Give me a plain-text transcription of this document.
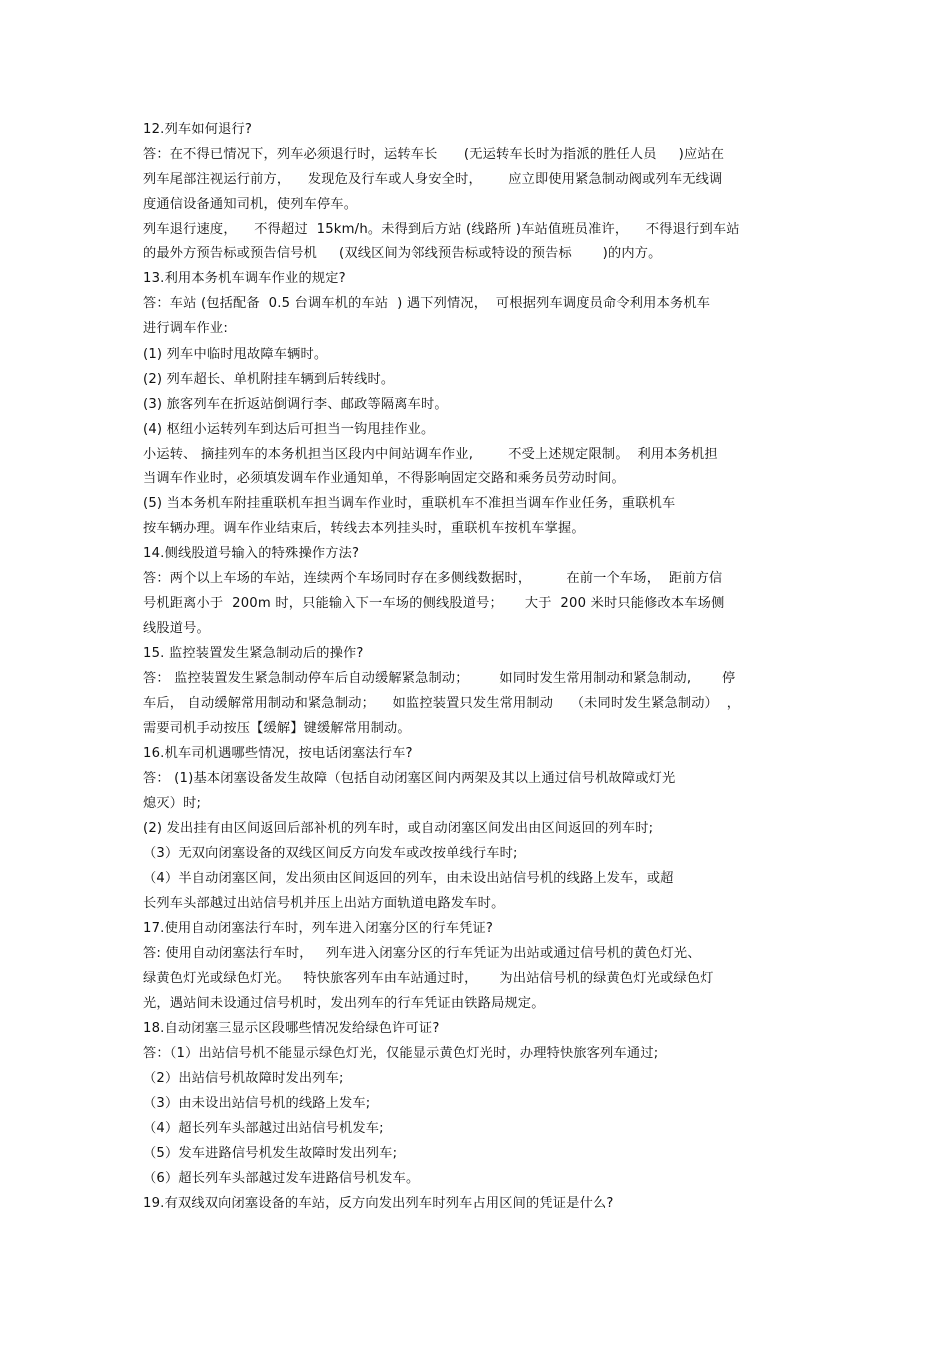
12.列车如何退行?
答：在不得已情况下，列车必须退行时，运转车长      (无运转车长时为指派的胜任人员     )应站在
列车尾部注视运行前方，    发现危及行车或人身安全时，      应立即使用紧急制动阀或列车无线调
度通信设备通知司机，使列车停车。
列车退行速度，    不得超过  15km/h。未得到后方站 (线路所 )车站值班员准许，    不得退行到车站
的最外方预告标或预告信号机     (双线区间为邻线预告标或特设的预告标       )的内方。
13.利用本务机车调车作业的规定?
答：车站 (包括配备  0.5 台调车机的车站  ) 遇下列情况，  可根据列车调度员命令利用本务机车
进行调车作业:
(1) 列车中临时甩故障车辆时。
(2) 列车超长、单机附挂车辆到后转线时。
(3) 旅客列车在折返站倒调行李、邮政等隔离车时。
(4) 枢纽小运转列车到达后可担当一钩甩挂作业。
小运转、 摘挂列车的本务机担当区段内中间站调车作业,        不受上述规定限制。  利用本务机担
当调车作业时，必须填发调车作业通知单，不得影响固定交路和乘务员劳动时间。
(5) 当本务机车附挂重联机车担当调车作业时，重联机车不准担当调车作业任务，重联机车
按车辆办理。调车作业结束后，转线去本列挂头时，重联机车按机车掌握。
14.侧线股道号输入的特殊操作方法?
答：两个以上车场的车站，连续两个车场同时存在多侧线数据时，        在前一个车场，  距前方信
号机距离小于  200m 时，只能输入下一车场的侧线股道号；     大于  200 米时只能修改本车场侧
线股道号。
15. 监控装置发生紧急制动后的操作?
答： 监控装置发生紧急制动停车后自动缓解紧急制动；       如同时发生常用制动和紧急制动,       停
车后， 自动缓解常用制动和紧急制动；    如监控装置只发生常用制动    （未同时发生紧急制动）  ，
需要司机手动按压【缓解】键缓解常用制动。
16.机车司机遇哪些情况，按电话闭塞法行车?
答： (1)基本闭塞设备发生故障（包括自动闭塞区间内两架及其以上通过信号机故障或灯光
熄灭）时;
(2) 发出挂有由区间返回后部补机的列车时，或自动闭塞区间发出由区间返回的列车时;
（3）无双向闭塞设备的双线区间反方向发车或改按单线行车时;
（4）半自动闭塞区间，发出须由区间返回的列车，由未设出站信号机的线路上发车，或超
长列车头部越过出站信号机并压上出站方面轨道电路发车时。
17.使用自动闭塞法行车时，列车进入闭塞分区的行车凭证?
答: 使用自动闭塞法行车时，   列车进入闭塞分区的行车凭证为出站或通过信号机的黄色灯光、
绿黄色灯光或绿色灯光。   特快旅客列车由车站通过时，     为出站信号机的绿黄色灯光或绿色灯
光，遇站间未设通过信号机时，发出列车的行车凭证由铁路局规定。
18.自动闭塞三显示区段哪些情况发给绿色许可证?
答：（1）出站信号机不能显示绿色灯光，仅能显示黄色灯光时，办理特快旅客列车通过;
（2）出站信号机故障时发出列车;
（3）由未设出站信号机的线路上发车;
（4）超长列车头部越过出站信号机发车;
（5）发车进路信号机发生故障时发出列车;
（6）超长列车头部越过发车进路信号机发车。
19.有双线双向闭塞设备的车站，反方向发出列车时列车占用区间的凭证是什么?
